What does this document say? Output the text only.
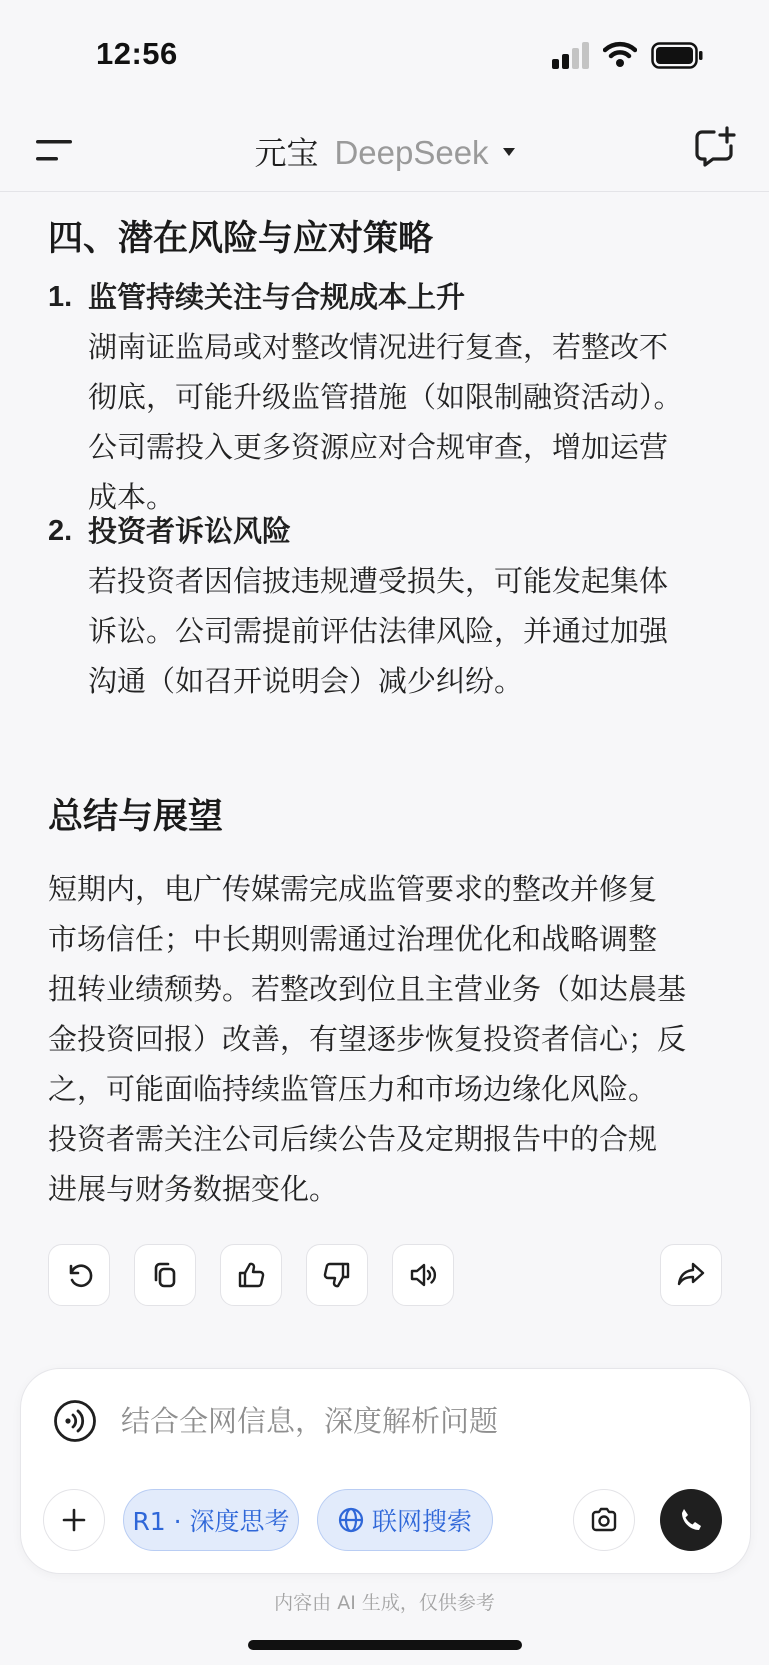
12:56
元宝 DeepSeek
四、潜在风险与应对策略
1. 监管持续关注与合规成本上升
湖南证监局或对整改情况进行复查，若整改不
彻底，可能升级监管措施（如限制融资活动）。
公司需投入更多资源应对合规审查，增加运营
成本。
2. 投资者诉讼风险
若投资者因信披违规遭受损失，可能发起集体
诉讼。公司需提前评估法律风险，并通过加强
沟通（如召开说明会）减少纠纷。
总结与展望
短期内，电广传媒需完成监管要求的整改并修复
市场信任；中长期则需通过治理优化和战略调整
扭转业绩颓势。若整改到位且主营业务（如达晨基
金投资回报）改善，有望逐步恢复投资者信心；反
之，可能面临持续监管压力和市场边缘化风险。
投资者需关注公司后续公告及定期报告中的合规
进展与财务数据变化。
结合全网信息，深度解析问题
R1 · 深度思考	联网搜索
内容由 AI 生成，仅供参考
